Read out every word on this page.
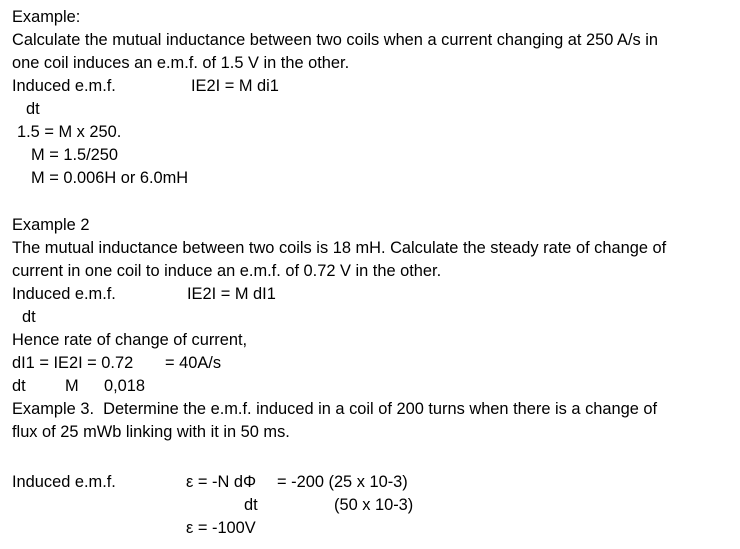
Example:
Calculate the mutual inductance between two coils when a current changing at 250 A/s in
one coil induces an e.m.f. of 1.5 V in the other.
Induced e.m.f.	IE2I = M di1
dt
1.5 = M x 250.
M = 1.5/250
M = 0.006H or 6.0mH
Example 2
The mutual inductance between two coils is 18 mH. Calculate the steady rate of change of
current in one coil to induce an e.m.f. of 0.72 V in the other.
Induced e.m.f.	IE2I = M dI1
dt
Hence rate of change of current,
dI1 = IE2I = 0.72 = 40A/s
dt M 0,018
Example 3.  Determine the e.m.f. induced in a coil of 200 turns when there is a change of
flux of 25 mWb linking with it in 50 ms.
Induced e.m.f.	ε = -N dΦ = -200 (25 x 10-3)
dt	(50 x 10-3)
ε = -100V
